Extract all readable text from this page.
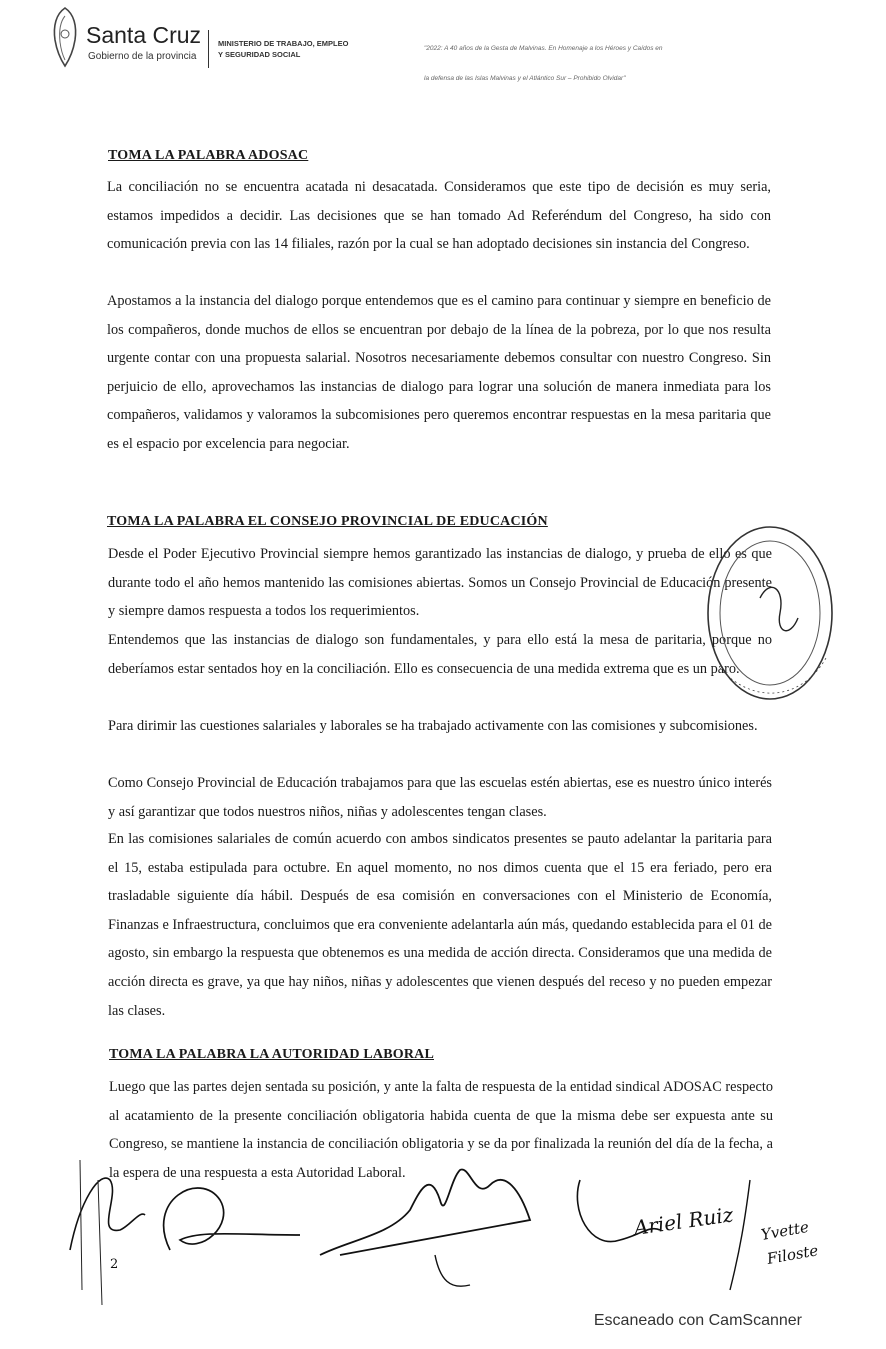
Santa Cruz
Gobierno de la provincia
MINISTERIO DE TRABAJO, EMPLEO
Y SEGURIDAD SOCIAL
"2022: A 40 años de la Gesta de Malvinas. En Homenaje a los Héroes y Caídos en
la defensa de las Islas Malvinas y el Atlántico Sur – Prohibido Olvidar"
TOMA LA PALABRA ADOSAC
La conciliación no se encuentra acatada ni desacatada. Consideramos que este tipo de decisión es muy seria, estamos impedidos a decidir. Las decisiones que se han tomado Ad Referéndum del Congreso, ha sido con comunicación previa con las 14 filiales, razón por la cual se han adoptado decisiones sin instancia del Congreso.
Apostamos a la instancia del dialogo porque entendemos que es el camino para continuar y siempre en beneficio de los compañeros, donde muchos de ellos se encuentran por debajo de la línea de la pobreza, por lo que nos resulta urgente contar con una propuesta salarial. Nosotros necesariamente debemos consultar con nuestro Congreso. Sin perjuicio de ello, aprovechamos las instancias de dialogo para lograr una solución de manera inmediata para los compañeros, validamos y valoramos la subcomisiones pero queremos encontrar respuestas en la mesa paritaria que es el espacio por excelencia para negociar.
TOMA LA PALABRA EL CONSEJO PROVINCIAL DE EDUCACIÓN
Desde el Poder Ejecutivo Provincial siempre hemos garantizado las instancias de dialogo, y prueba de ello es que durante todo el año hemos mantenido las comisiones abiertas. Somos un Consejo Provincial de Educación presente y siempre damos respuesta a todos los requerimientos.
Entendemos que las instancias de dialogo son fundamentales, y para ello está la mesa de paritaria, porque no deberíamos estar sentados hoy en la conciliación. Ello es consecuencia de una medida extrema que es un paro.
Para dirimir las cuestiones salariales y laborales se ha trabajado activamente con las comisiones y subcomisiones.
Como Consejo Provincial de Educación trabajamos para que las escuelas estén abiertas, ese es nuestro único interés y así garantizar que todos nuestros niños, niñas y adolescentes tengan clases.
En las comisiones salariales de común acuerdo con ambos sindicatos presentes se pauto adelantar la paritaria para el 15, estaba estipulada para octubre. En aquel momento, no nos dimos cuenta que el 15 era feriado, pero era trasladable siguiente día hábil. Después de esa comisión en conversaciones con el Ministerio de Economía, Finanzas e Infraestructura, concluimos que era conveniente adelantarla aún más, quedando establecida para el 01 de agosto, sin embargo la respuesta que obtenemos es una medida de acción directa. Consideramos que una medida de acción directa es grave, ya que hay niños, niñas y adolescentes que vienen después del receso y no pueden empezar las clases.
TOMA LA PALABRA LA AUTORIDAD LABORAL
Luego que las partes dejen sentada su posición, y ante la falta de respuesta de la entidad sindical ADOSAC respecto al acatamiento de la presente conciliación obligatoria habida cuenta de que la misma debe ser expuesta ante su Congreso, se mantiene la instancia de conciliación obligatoria y se da por finalizada la reunión del día de la fecha, a la espera de una respuesta a esta Autoridad Laboral.
2
Ariel Ruiz Yvette
Filoste
Escaneado con CamScanner
